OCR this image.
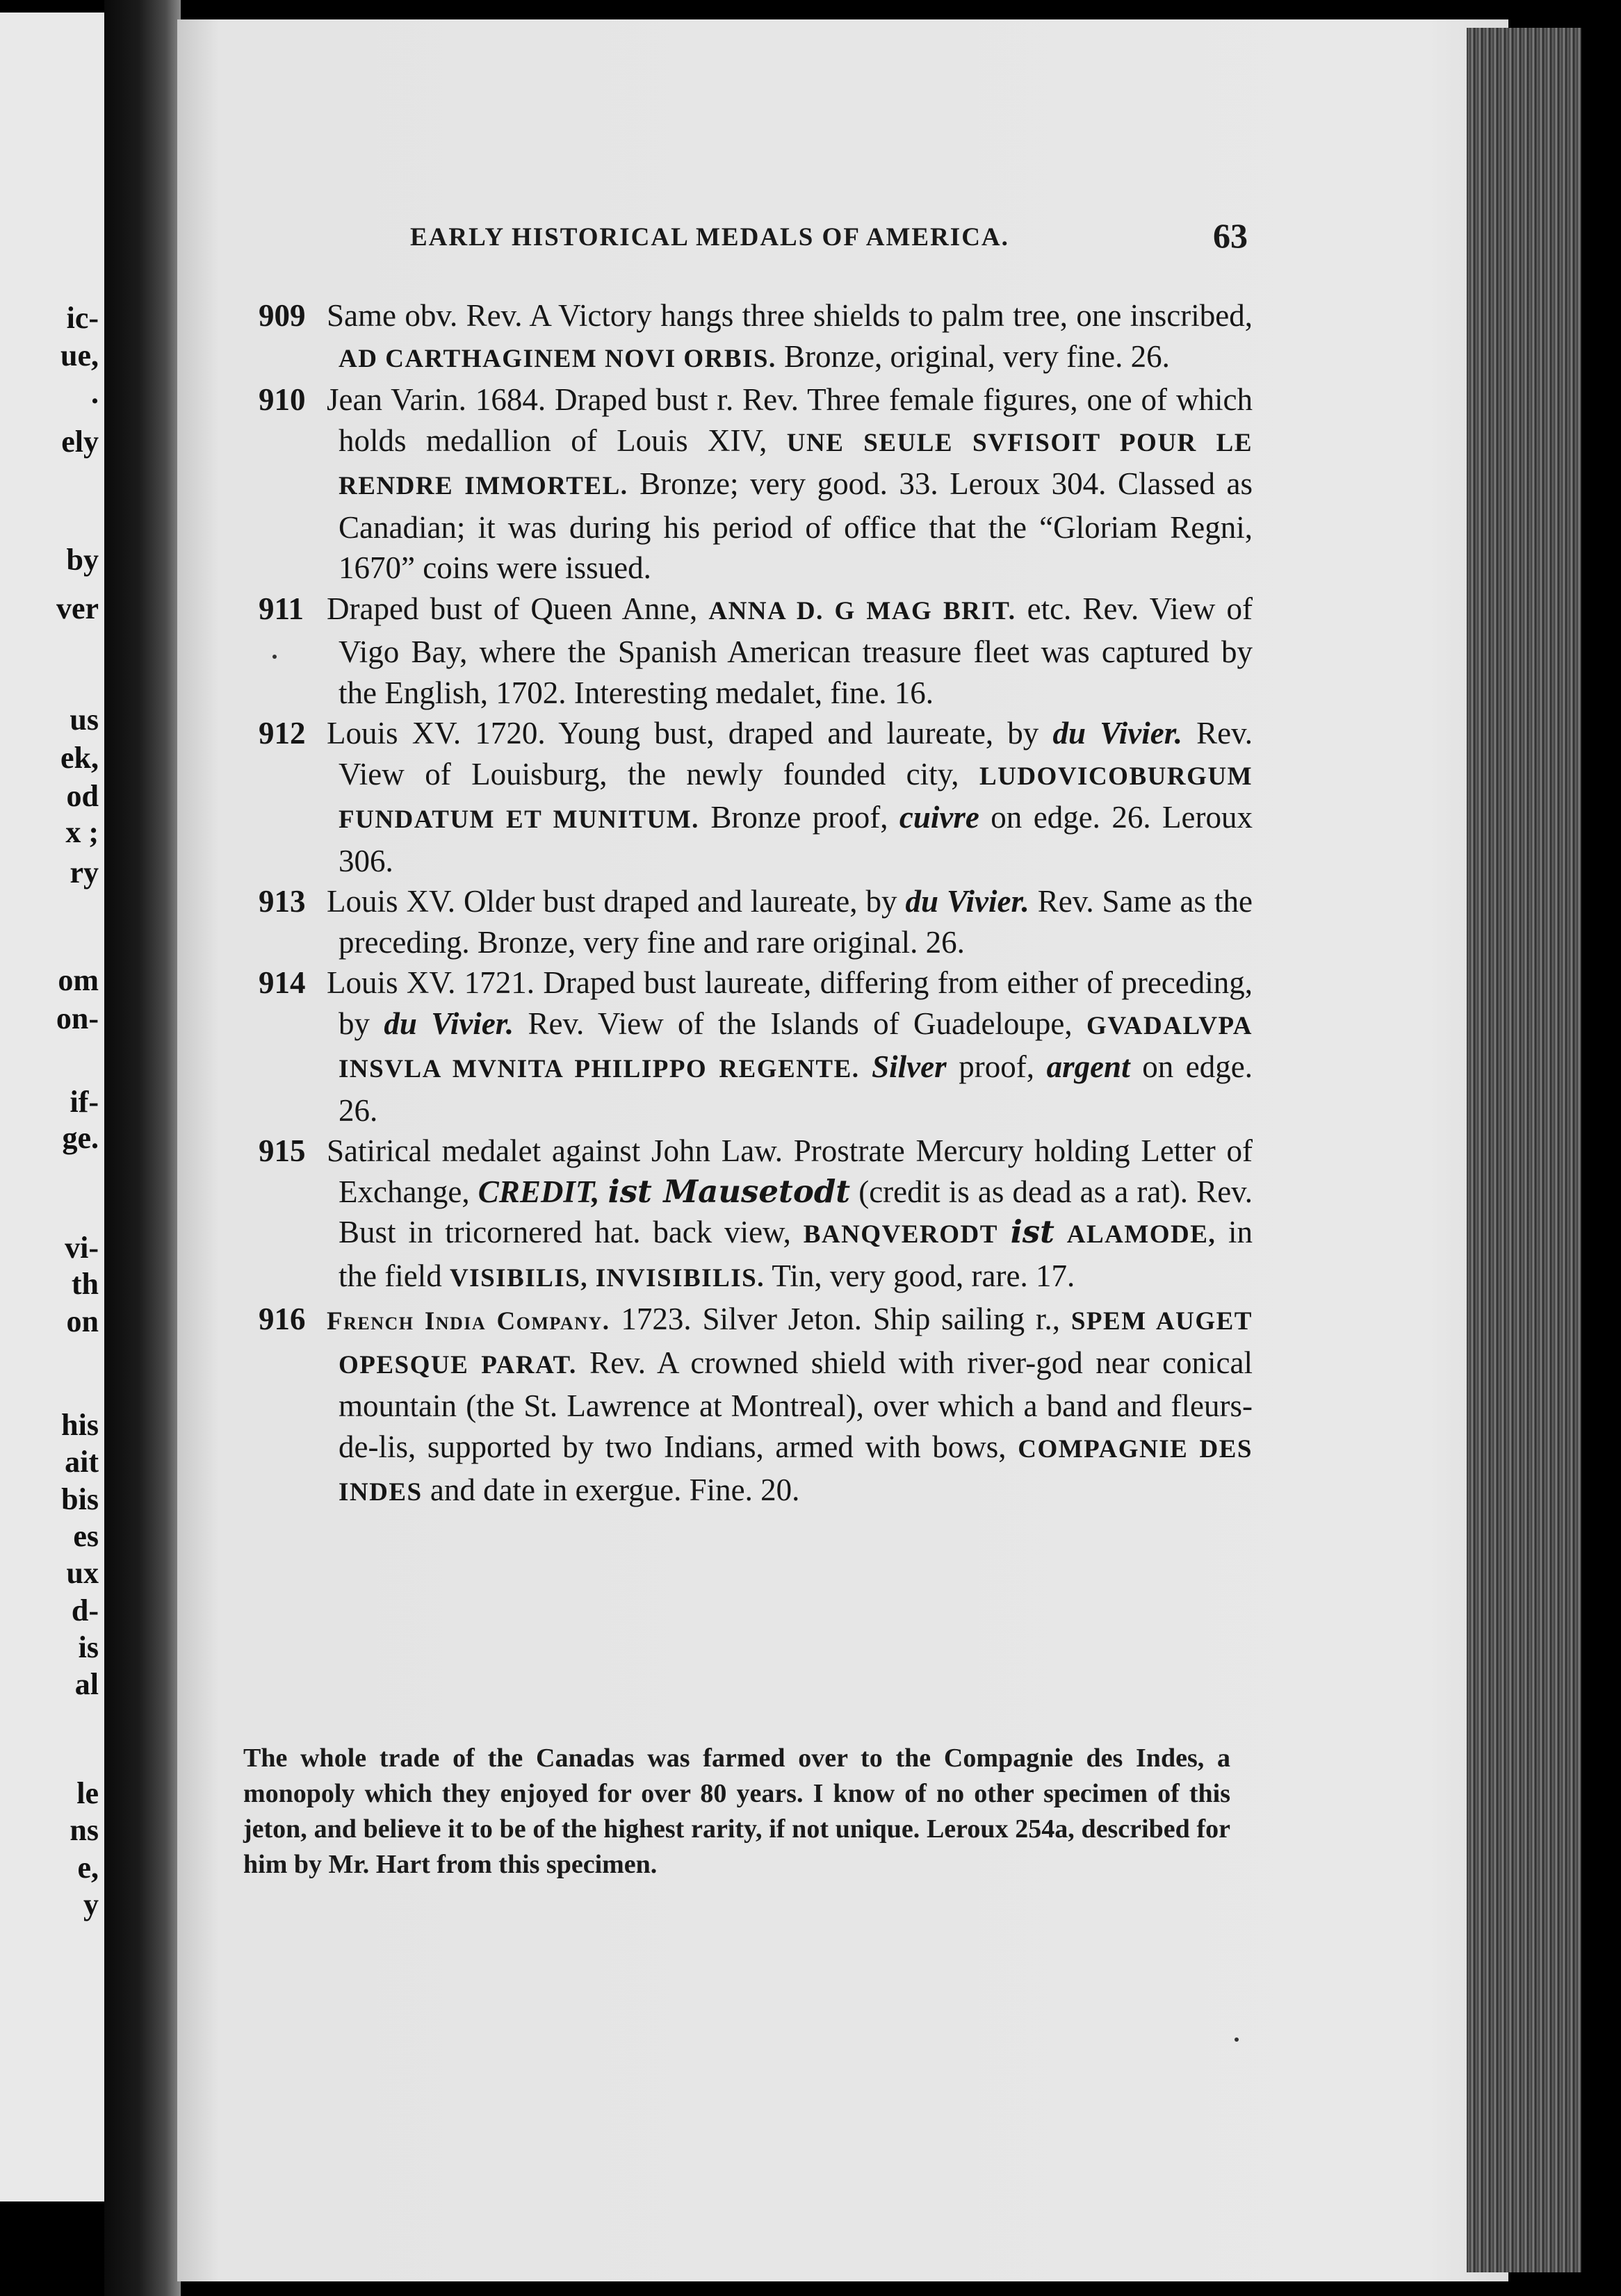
ic-
ue,
.
ely
by
ver
us
ek,
od
x ;
ry
om
on-
if-
ge.
vi-
th
on
his
ait
bis
es
ux
d-
is
al
le
ns
e,
y
EARLY HISTORICAL MEDALS OF AMERICA.	63

909 Same obv. Rev. A Victory hangs three shields to palm tree, one inscribed, AD CARTHAGINEM NOVI ORBIS. Bronze, original, very fine. 26.

910 Jean Varin. 1684. Draped bust r. Rev. Three female figures, one of which holds medallion of Louis XIV, UNE SEULE SVFISOIT POUR LE RENDRE IMMORTEL. Bronze; very good. 33. Leroux 304. Classed as Canadian; it was during his period of office that the “Gloriam Regni, 1670” coins were issued.

911 Draped bust of Queen Anne, ANNA D. G MAG BRIT. etc. Rev. View of Vigo Bay, where the Spanish American treasure fleet was captured by the English, 1702. Interesting medalet, fine. 16.

912 Louis XV. 1720. Young bust, draped and laureate, by du Vivier. Rev. View of Louisburg, the newly founded city, LUDOVICOBURGUM FUNDATUM ET MUNITUM. Bronze proof, cuivre on edge. 26. Leroux 306.

913 Louis XV. Older bust draped and laureate, by du Vivier. Rev. Same as the preceding. Bronze, very fine and rare original. 26.

914 Louis XV. 1721. Draped bust laureate, differing from either of preceding, by du Vivier. Rev. View of the Islands of Guadeloupe, GVADALVPA INSVLA MVNITA PHILIPPO REGENTE. Silver proof, argent on edge. 26.

915 Satirical medalet against John Law. Prostrate Mercury holding Letter of Exchange, CREDIT, ist Mausetodt (credit is as dead as a rat). Rev. Bust in tricornered hat. back view, BANQVERODT ist ALAMODE, in the field VISIBILIS, INVISIBILIS. Tin, very good, rare. 17.

916 French India Company. 1723. Silver Jeton. Ship sailing r., SPEM AUGET OPESQUE PARAT. Rev. A crowned shield with river-god near conical mountain (the St. Lawrence at Montreal), over which a band and fleurs-de-lis, supported by two Indians, armed with bows, COMPAGNIE DES INDES and date in exergue. Fine. 20.

The whole trade of the Canadas was farmed over to the Compagnie des Indes, a monopoly which they enjoyed for over 80 years. I know of no other specimen of this jeton, and believe it to be of the highest rarity, if not unique. Leroux 254a, described for him by Mr. Hart from this specimen.
